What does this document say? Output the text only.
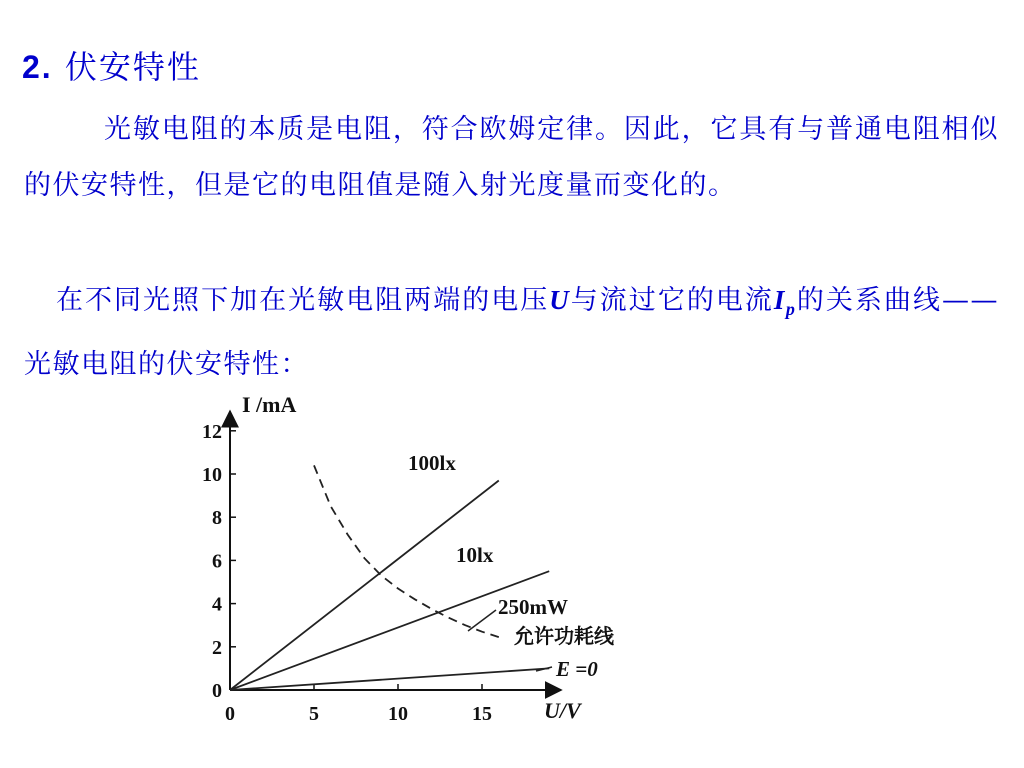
2. 伏安特性
光敏电阻的本质是电阻，符合欧姆定律。因此，它具有与普通电阻相似的伏安特性，但是它的电阻值是随入射光度量而变化的。
在不同光照下加在光敏电阻两端的电压U与流过它的电流$I_p$的关系曲线——光敏电阻的伏安特性：
0
2
4
6
8
10
12
0	5	10	15
I /mA
U/V
100lx
10lx
250mW
允许功耗线
E =0
